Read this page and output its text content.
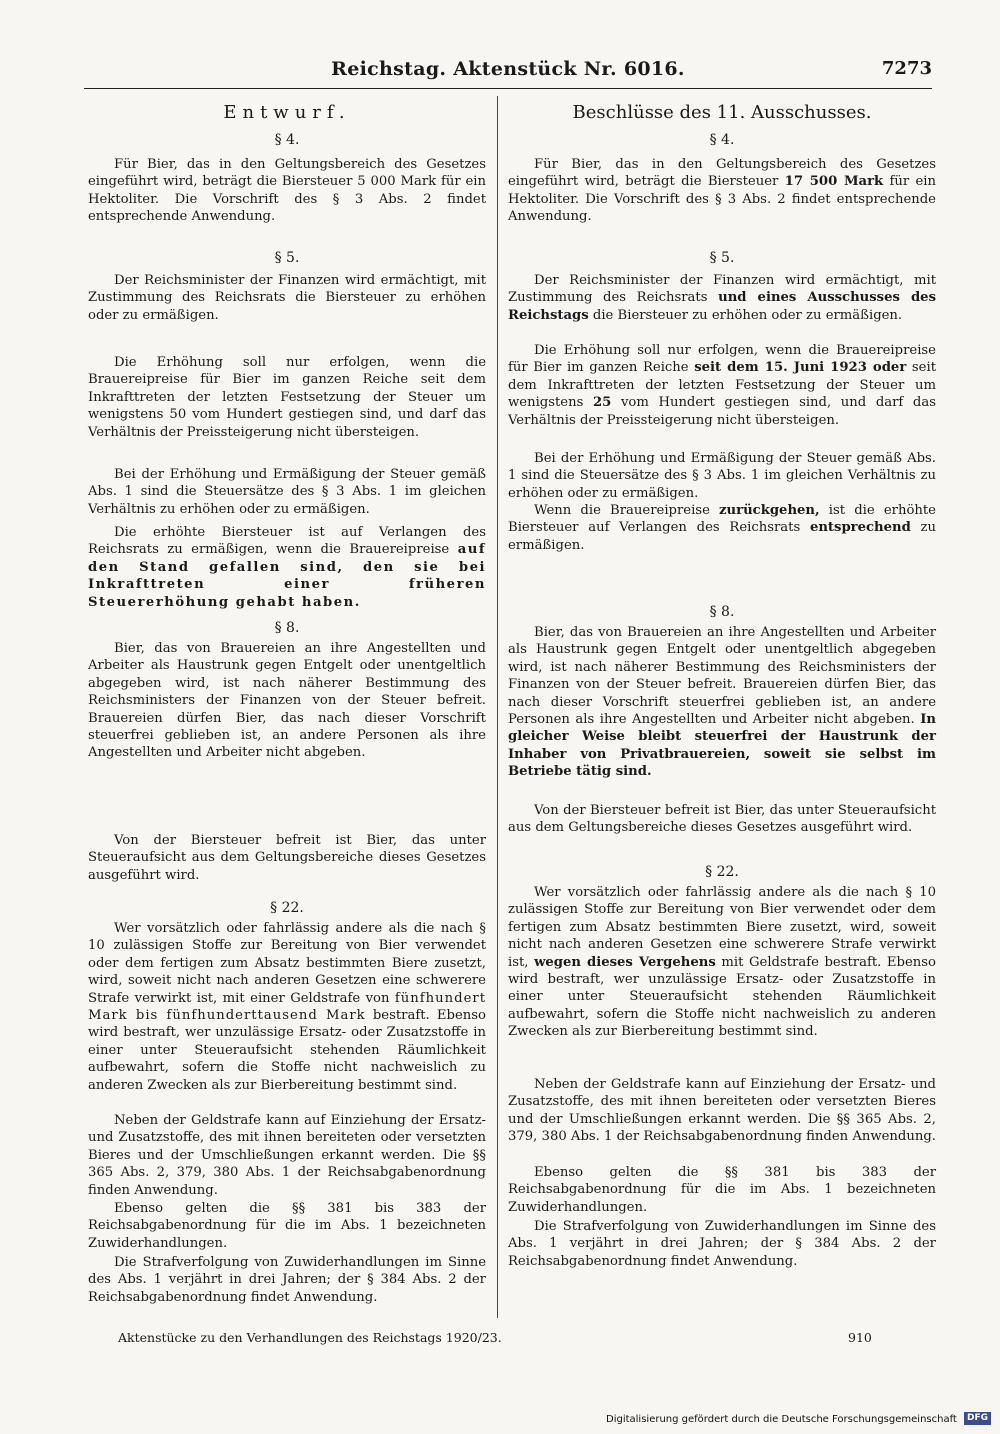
Reichstag. Aktenstück Nr. 6016.	7273
Entwurf.

§ 4.

Für Bier, das in den Geltungsbereich des Gesetzes eingeführt wird, beträgt die Biersteuer 5 000 Mark für ein Hektoliter. Die Vorschrift des § 3 Abs. 2 findet entsprechende Anwendung.

§ 5.

Der Reichsminister der Finanzen wird ermächtigt, mit Zustimmung des Reichsrats die Biersteuer zu erhöhen oder zu ermäßigen.

Die Erhöhung soll nur erfolgen, wenn die Brauereipreise für Bier im ganzen Reiche seit dem Inkrafttreten der letzten Festsetzung der Steuer um wenigstens 50 vom Hundert gestiegen sind, und darf das Verhältnis der Preissteigerung nicht übersteigen.

Bei der Erhöhung und Ermäßigung der Steuer gemäß Abs. 1 sind die Steuersätze des § 3 Abs. 1 im gleichen Verhältnis zu erhöhen oder zu ermäßigen.

Die erhöhte Biersteuer ist auf Verlangen des Reichsrats zu ermäßigen, wenn die Brauereipreise auf den Stand gefallen sind, den sie bei Inkrafttreten einer früheren Steuererhöhung gehabt haben.

§ 8.

Bier, das von Brauereien an ihre Angestellten und Arbeiter als Haustrunk gegen Entgelt oder unentgeltlich abgegeben wird, ist nach näherer Bestimmung des Reichsministers der Finanzen von der Steuer befreit. Brauereien dürfen Bier, das nach dieser Vorschrift steuerfrei geblieben ist, an andere Personen als ihre Angestellten und Arbeiter nicht abgeben.

Von der Biersteuer befreit ist Bier, das unter Steueraufsicht aus dem Geltungsbereiche dieses Gesetzes ausgeführt wird.

§ 22.

Wer vorsätzlich oder fahrlässig andere als die nach § 10 zulässigen Stoffe zur Bereitung von Bier verwendet oder dem fertigen zum Absatz bestimmten Biere zusetzt, wird, soweit nicht nach anderen Gesetzen eine schwerere Strafe verwirkt ist, mit einer Geldstrafe von fünfhundert Mark bis fünfhunderttausend Mark bestraft. Ebenso wird bestraft, wer unzulässige Ersatz- oder Zusatzstoffe in einer unter Steueraufsicht stehenden Räumlichkeit aufbewahrt, sofern die Stoffe nicht nachweislich zu anderen Zwecken als zur Bierbereitung bestimmt sind.

Neben der Geldstrafe kann auf Einziehung der Ersatz- und Zusatzstoffe, des mit ihnen bereiteten oder versetzten Bieres und der Umschließungen erkannt werden. Die §§ 365 Abs. 2, 379, 380 Abs. 1 der Reichsabgabenordnung finden Anwendung.

Ebenso gelten die §§ 381 bis 383 der Reichsabgabenordnung für die im Abs. 1 bezeichneten Zuwiderhandlungen.

Die Strafverfolgung von Zuwiderhandlungen im Sinne des Abs. 1 verjährt in drei Jahren; der § 384 Abs. 2 der Reichsabgabenordnung findet Anwendung.

Beschlüsse des 11. Ausschusses.

§ 4.

Für Bier, das in den Geltungsbereich des Gesetzes eingeführt wird, beträgt die Biersteuer 17 500 Mark für ein Hektoliter. Die Vorschrift des § 3 Abs. 2 findet entsprechende Anwendung.

§ 5.

Der Reichsminister der Finanzen wird ermächtigt, mit Zustimmung des Reichsrats und eines Ausschusses des Reichstags die Biersteuer zu erhöhen oder zu ermäßigen.

Die Erhöhung soll nur erfolgen, wenn die Brauereipreise für Bier im ganzen Reiche seit dem 15. Juni 1923 oder seit dem Inkrafttreten der letzten Festsetzung der Steuer um wenigstens 25 vom Hundert gestiegen sind, und darf das Verhältnis der Preissteigerung nicht übersteigen.

Bei der Erhöhung und Ermäßigung der Steuer gemäß Abs. 1 sind die Steuersätze des § 3 Abs. 1 im gleichen Verhältnis zu erhöhen oder zu ermäßigen.

Wenn die Brauereipreise zurückgehen, ist die erhöhte Biersteuer auf Verlangen des Reichsrats entsprechend zu ermäßigen.

§ 8.

Bier, das von Brauereien an ihre Angestellten und Arbeiter als Haustrunk gegen Entgelt oder unentgeltlich abgegeben wird, ist nach näherer Bestimmung des Reichsministers der Finanzen von der Steuer befreit. Brauereien dürfen Bier, das nach dieser Vorschrift steuerfrei geblieben ist, an andere Personen als ihre Angestellten und Arbeiter nicht abgeben. In gleicher Weise bleibt steuerfrei der Haustrunk der Inhaber von Privatbrauereien, soweit sie selbst im Betriebe tätig sind.

Von der Biersteuer befreit ist Bier, das unter Steueraufsicht aus dem Geltungsbereiche dieses Gesetzes ausgeführt wird.

§ 22.

Wer vorsätzlich oder fahrlässig andere als die nach § 10 zulässigen Stoffe zur Bereitung von Bier verwendet oder dem fertigen zum Absatz bestimmten Biere zusetzt, wird, soweit nicht nach anderen Gesetzen eine schwerere Strafe verwirkt ist, wegen dieses Vergehens mit Geldstrafe bestraft. Ebenso wird bestraft, wer unzulässige Ersatz- oder Zusatzstoffe in einer unter Steueraufsicht stehenden Räumlichkeit aufbewahrt, sofern die Stoffe nicht nachweislich zu anderen Zwecken als zur Bierbereitung bestimmt sind.

Neben der Geldstrafe kann auf Einziehung der Ersatz- und Zusatzstoffe, des mit ihnen bereiteten oder versetzten Bieres und der Umschließungen erkannt werden. Die §§ 365 Abs. 2, 379, 380 Abs. 1 der Reichsabgabenordnung finden Anwendung.

Ebenso gelten die §§ 381 bis 383 der Reichsabgabenordnung für die im Abs. 1 bezeichneten Zuwiderhandlungen.

Die Strafverfolgung von Zuwiderhandlungen im Sinne des Abs. 1 verjährt in drei Jahren; der § 384 Abs. 2 der Reichsabgabenordnung findet Anwendung.

Aktenstücke zu den Verhandlungen des Reichstags 1920/23.	910
Digitalisierung gefördert durch die Deutsche Forschungsgemeinschaft	DFG
